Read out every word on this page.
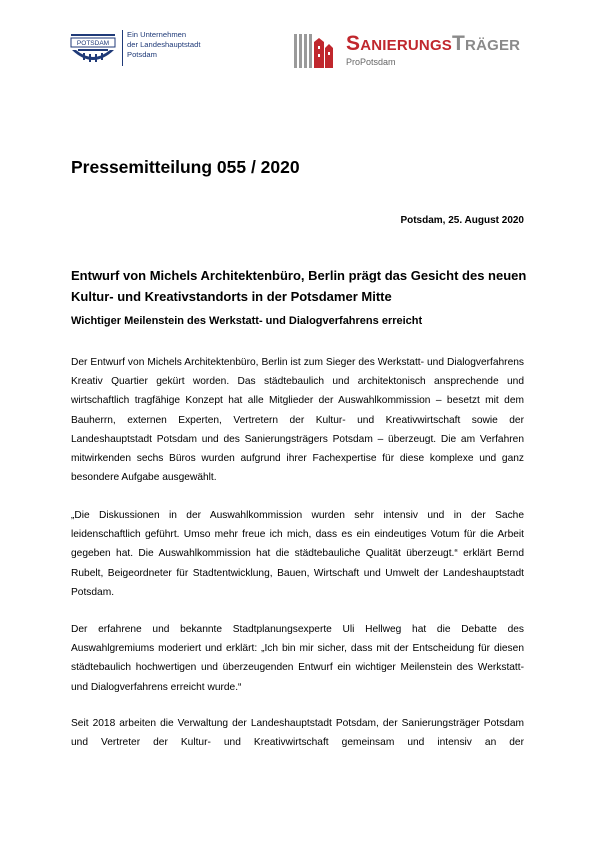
POTSDAM
Ein Unternehmen
der Landeshauptstadt
Potsdam	SanierungsTräger
ProPotsdam
Pressemitteilung 055 / 2020
Potsdam, 25. August 2020
Entwurf von Michels Architektenbüro, Berlin prägt das Gesicht des neuen Kultur- und Kreativstandorts in der Potsdamer Mitte
Wichtiger Meilenstein des Werkstatt- und Dialogverfahrens erreicht
Der Entwurf von Michels Architektenbüro, Berlin ist zum Sieger des Werkstatt- und Dialogverfahrens Kreativ Quartier gekürt worden. Das städtebaulich und architektonisch ansprechende und wirtschaftlich tragfähige Konzept hat alle Mitglieder der Auswahlkommission – besetzt mit dem Bauherrn, externen Experten, Vertretern der Kultur- und Kreativwirtschaft sowie der Landeshauptstadt Potsdam und des Sanierungsträgers Potsdam – überzeugt. Die am Verfahren mitwirkenden sechs Büros wurden aufgrund ihrer Fachexpertise für diese komplexe und ganz besondere Aufgabe ausgewählt.
„Die Diskussionen in der Auswahlkommission wurden sehr intensiv und in der Sache leidenschaftlich geführt. Umso mehr freue ich mich, dass es ein eindeutiges Votum für die Arbeit gegeben hat. Die Auswahlkommission hat die städtebauliche Qualität überzeugt.“ erklärt Bernd Rubelt, Beigeordneter für Stadtentwicklung, Bauen, Wirtschaft und Umwelt der Landeshauptstadt Potsdam.
Der erfahrene und bekannte Stadtplanungsexperte Uli Hellweg hat die Debatte des Auswahlgremiums moderiert und erklärt: „Ich bin mir sicher, dass mit der Entscheidung für diesen städtebaulich hochwertigen und überzeugenden Entwurf ein wichtiger Meilenstein des Werkstatt- und Dialogverfahrens erreicht wurde.“
Seit 2018 arbeiten die Verwaltung der Landeshauptstadt Potsdam, der Sanierungsträger Potsdam und Vertreter der Kultur- und Kreativwirtschaft gemeinsam und intensiv an der
